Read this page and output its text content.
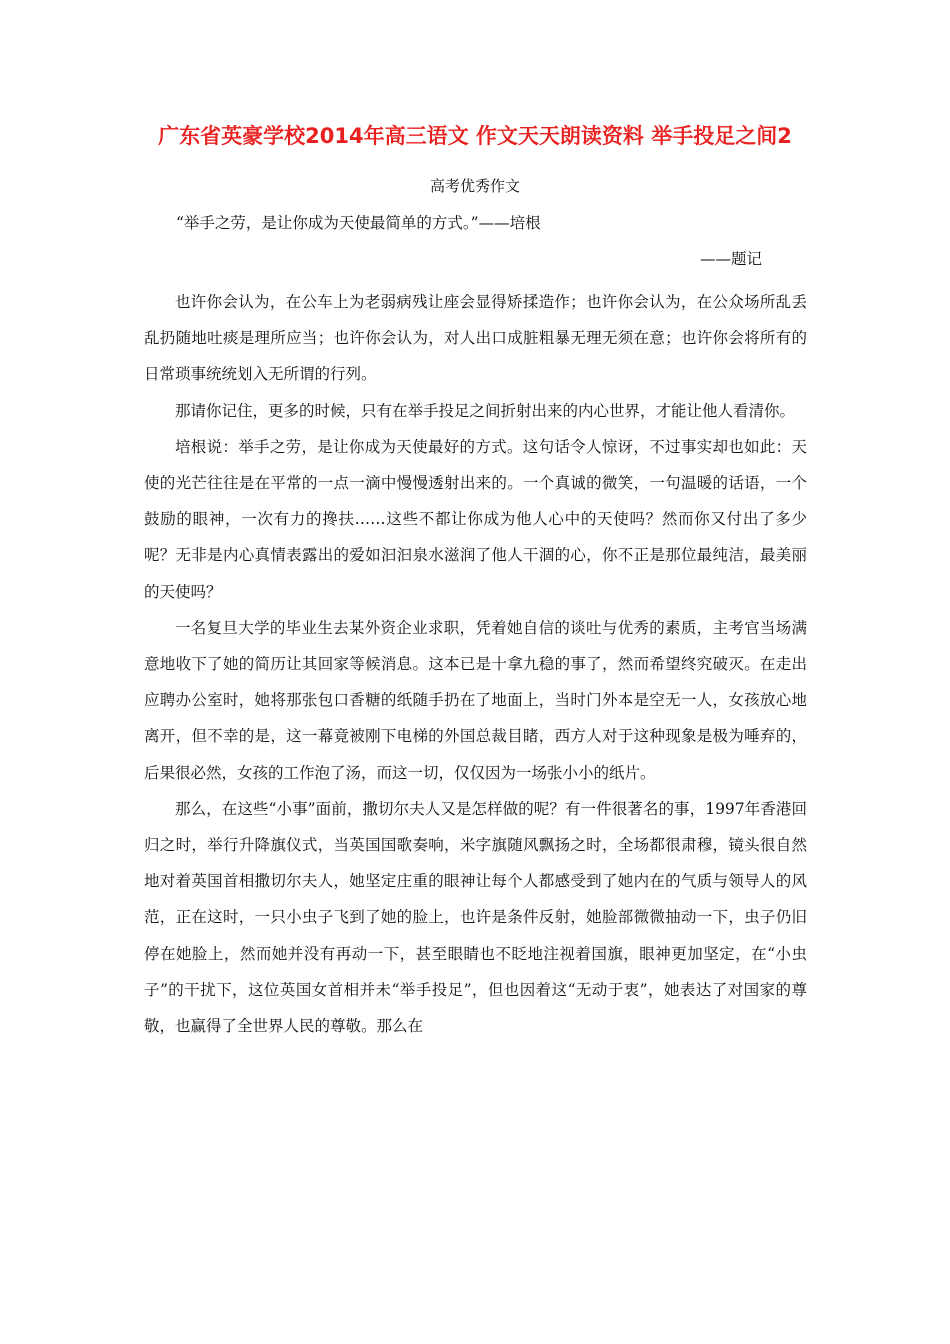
广东省英豪学校2014年高三语文 作文天天朗读资料 举手投足之间2
高考优秀作文
“举手之劳，是让你成为天使最简单的方式。”——培根
——题记

也许你会认为，在公车上为老弱病残让座会显得矫揉造作；也许你会认为，在公众场所乱丢乱扔随地吐痰是理所应当；也许你会认为，对人出口成脏粗暴无理无须在意；也许你会将所有的日常琐事统统划入无所谓的行列。

那请你记住，更多的时候，只有在举手投足之间折射出来的内心世界，才能让他人看清你。

培根说：举手之劳，是让你成为天使最好的方式。这句话令人惊讶，不过事实却也如此：天使的光芒往往是在平常的一点一滴中慢慢透射出来的。一个真诚的微笑，一句温暖的话语，一个鼓励的眼神，一次有力的搀扶……这些不都让你成为他人心中的天使吗？然而你又付出了多少呢？无非是内心真情表露出的爱如汩汩泉水滋润了他人干涸的心，你不正是那位最纯洁，最美丽的天使吗？

一名复旦大学的毕业生去某外资企业求职，凭着她自信的谈吐与优秀的素质，主考官当场满意地收下了她的简历让其回家等候消息。这本已是十拿九稳的事了，然而希望终究破灭。在走出应聘办公室时，她将那张包口香糖的纸随手扔在了地面上，当时门外本是空无一人，女孩放心地离开，但不幸的是，这一幕竟被刚下电梯的外国总裁目睹，西方人对于这种现象是极为唾弃的，后果很必然，女孩的工作泡了汤，而这一切，仅仅因为一场张小小的纸片。

那么，在这些“小事”面前，撒切尔夫人又是怎样做的呢？有一件很著名的事，1997年香港回归之时，举行升降旗仪式，当英国国歌奏响，米字旗随风飘扬之时，全场都很肃穆，镜头很自然地对着英国首相撒切尔夫人，她坚定庄重的眼神让每个人都感受到了她内在的气质与领导人的风范，正在这时，一只小虫子飞到了她的脸上，也许是条件反射，她脸部微微抽动一下，虫子仍旧停在她脸上，然而她并没有再动一下，甚至眼睛也不眨地注视着国旗，眼神更加坚定，在“小虫子”的干扰下，这位英国女首相并未“举手投足”，但也因着这“无动于衷”，她表达了对国家的尊敬，也赢得了全世界人民的尊敬。那么在
